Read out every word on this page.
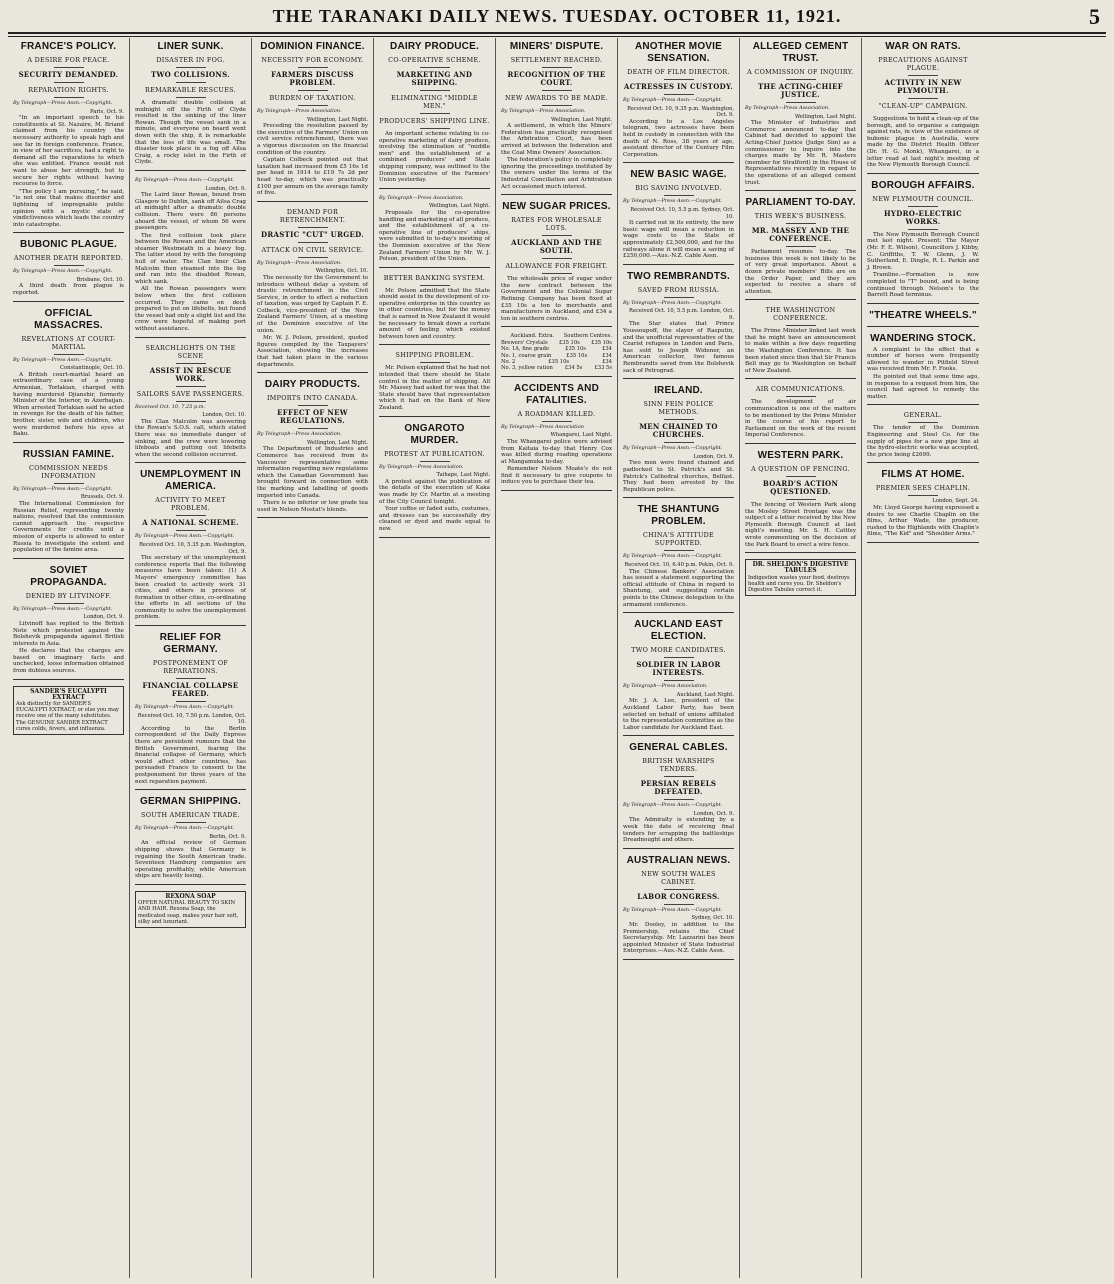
THE TARANAKI DAILY NEWS. TUESDAY. OCTOBER 11, 1921.	5
FRANCE'S POLICY.
A DESIRE FOR PEACE.
SECURITY DEMANDED.
REPARATION RIGHTS.
By Telegraph—Press Assn.—Copyright.
Paris, Oct. 9.

"In an important speech to his constituents at St. Nazaire, M. Briand claimed from his country the necessary authority to speak high and see far in foreign conference. France, in view of her sacrifices, had a right to demand all the reparations to which she was entitled. France would not want to abuse her strength, but to secure her rights without having recourse to force.

"The policy I am pursuing," he said, "is not one that makes disorder and lightning of impregnable public opinion with a mystic state of vindictiveness which leads the country into catastrophe.

BUBONIC PLAGUE.
ANOTHER DEATH REPORTED.
By Telegraph—Press Assn.—Copyright.
Brisbane, Oct. 10.

A third death from plague is reported.

OFFICIAL MASSACRES.
REVELATIONS AT COURT-MARTIAL
By Telegraph—Press Assn.—Copyright.
Constantinople, Oct. 10.

A British court-martial heard an extraordinary case of a young Armenian, Torlakian, charged with having murdered Djianshir, formerly Minister of the Interior, in Azerbaijan. When arrested Torlakian said he acted in revenge for the death of his father, brother, sister, wife and children, who were murdered before his eyes at Baku.

RUSSIAN FAMINE.
COMMISSION NEEDS INFORMATION
By Telegraph—Press Assn.—Copyright.
Brussels, Oct. 9.

The International Commission for Russian Relief, representing twenty nations, resolved that the commission cannot approach the respective Governments for credits until a mission of experts is allowed to enter Russia to investigate the extent and population of the famine area.

SOVIET PROPAGANDA.
DENIED BY LITVINOFF.
By Telegraph—Press Assn.—Copyright.
London, Oct. 9.

Litvinoff has replied to the British Note which protested against the Bolshevik propaganda against British interests in Asia.

He declares that the charges are based on imaginary facts and unchecked, loose information obtained from dubious sources.

SANDER'S EUCALYPTI EXTRACT
Ask distinctly for SANDER'S EUCALYPTI EXTRACT, or else you may receive one of the many substitutes. The GENUINE SANDER EXTRACT cures colds, fevers, and influenza.
LINER SUNK.
DISASTER IN FOG.
TWO COLLISIONS.
REMARKABLE RESCUES.

A dramatic double collision at midnight off the Firth of Clyde resulted in the sinking of the liner Rowan. Though the vessel sank in a minute, and everyone on board went down with the ship, it is remarkable that the loss of life was small. The disaster took place in a fog off Ailsa Craig, a rocky islet in the Firth of Clyde.

By Telegraph—Press Assn.—Copyright.
London, Oct. 9.

The Laird liner Rowan, bound from Glasgow to Dublin, sank off Ailsa Crag at midnight after a dramatic double collision. There were 86 persons aboard the vessel, of whom 56 were passengers.

The first collision took place between the Rowan and the American steamer Westmeath in a heavy fog. The latter stood by with the foregoing hull of water. The Clan liner Clan Malcolm then steamed into the fog and ran into the disabled Rowan, which sank.

All the Rowan passengers were below when the first collision occurred. They came on deck prepared to put on lifebelts, but found the vessel had only a slight list and the crew were hopeful of making port without assistance.

SEARCHLIGHTS ON THE SCENE
ASSIST IN RESCUE WORK.
SAILORS SAVE PASSENGERS.
Received Oct. 10, 7.25 p.m.
London, Oct. 10.

The Clan Malcolm was answering the Rowan's S.O.S. call, which stated there was no immediate danger of sinking, and the crew were lowering lifeboats and putting out lifebelts when the second collision occurred.

UNEMPLOYMENT IN AMERICA.
ACTIVITY TO MEET PROBLEM.
A NATIONAL SCHEME.
By Telegraph—Press Assn.—Copyright.
Received Oct. 10, 5.35 p.m. Washington, Oct. 9.

The secretary of the unemployment conference reports that the following measures have been taken: (1) A Mayors' emergency committee has been created to actively work 31 cities, and others in process of formation in other cities, co-ordinating the efforts in all sections of the community to solve the unemployment problem.

RELIEF FOR GERMANY.
POSTPONEMENT OF REPARATIONS.
FINANCIAL COLLAPSE FEARED.
By Telegraph—Press Assn.—Copyright.
Received Oct. 10, 7.50 p.m. London, Oct. 10.

According to the Berlin correspondent of the Daily Express there are persistent rumours that the British Government, fearing the financial collapse of Germany, which would affect other countries, has persuaded France to consent to the postponement for three years of the next reparation payment.

GERMAN SHIPPING.
SOUTH AMERICAN TRADE.
By Telegraph—Press Assn.—Copyright.
Berlin, Oct. 9.

An official review of German shipping shows that Germany is regaining the South American trade. Seventeen Hamburg companies are operating profitably, while American ships are heavily losing.

REXONA SOAP
OFFER NATURAL BEAUTY TO SKIN AND HAIR. Rexona Soap, the medicated soap, makes your hair soft, silky and luxuriant.
DOMINION FINANCE.
NECESSITY FOR ECONOMY.
FARMERS DISCUSS PROBLEM.
BURDEN OF TAXATION.
By Telegraph—Press Association.
Wellington, Last Night.

Preceding the resolution passed by the executive of the Farmers' Union on civil service retrenchment, there was a vigorous discussion on the financial condition of the country.

Captain Colbeck pointed out that taxation had increased from £5 16s 1d per head in 1914 to £19 7s 2d per head to-day, which was practically £100 per annum on the average family of five.

DEMAND FOR RETRENCHMENT.
DRASTIC "CUT" URGED.
ATTACK ON CIVIL SERVICE.
By Telegraph—Press Association.
Wellington, Oct. 10.

The necessity for the Government to introduce without delay a system of drastic retrenchment in the Civil Service, in order to effect a reduction of taxation, was urged by Captain F. E. Colbeck, vice-president of the New Zealand Farmers' Union, at a meeting of the Dominion executive of the union.

Mr. W. J. Polson, president, quoted figures compiled by the Taxpayers' Association, showing the increases that had taken place in the various departments.

DAIRY PRODUCTS.
IMPORTS INTO CANADA.
EFFECT OF NEW REGULATIONS.
By Telegraph—Press Association.
Wellington, Last Night.

The Department of Industries and Commerce has received from its Vancouver representative some information regarding new regulations which the Canadian Government has brought forward in connection with the marking and labelling of goods imported into Canada.

There is no inferior or low grade tea used in Nelson Mostat's blends.

DAIRY PRODUCE.
CO-OPERATIVE SCHEME.
MARKETING AND SHIPPING.
ELIMINATING "MIDDLE MEN."
PRODUCERS' SHIPPING LINE.

An important scheme relating to co-operative marketing of dairy produce, involving the elimination of "middle men" and the establishment of a combined producers' and State shipping company, was outlined to the Dominion executive of the Farmers' Union yesterday.

By Telegraph—Press Association.
Wellington, Last Night.

Proposals for the co-operative handling and marketing of all produce, and the establishment of a co-operative line of producers' ships, were submitted to to-day's meeting of the Dominion executive of the New Zealand Farmers' Union by Mr. W. J. Polson, president of the Union.

BETTER BANKING SYSTEM.

Mr. Polson admitted that the State should assist in the development of co-operative enterprise in this country as in other countries, but for the money that is earned in New Zealand it would be necessary to break down a certain amount of feeling which existed between town and country.

SHIPPING PROBLEM.

Mr. Polson explained that he had not intended that there should be State control in the matter of shipping. All Mr. Massey had asked for was that the State should have that representation which it had on the Bank of New Zealand.

ONGAROTO MURDER.
PROTEST AT PUBLICATION.
By Telegraph—Press Association.
Taihape, Last Night.

A protest against the publication of the details of the execution of Kaka was made by Cr. Martin at a meeting of the City Council tonight.

Your coffee or faded suits, costumes, and dresses can be successfully dry cleaned or dyed and made equal to new.

MINERS' DISPUTE.
SETTLEMENT REACHED.
RECOGNITION OF THE COURT.
NEW AWARDS TO BE MADE.
By Telegraph—Press Association.
Wellington, Last Night.

A settlement, in which the Miners' Federation has practically recognised the Arbitration Court, has been arrived at between the federation and the Coal Mine Owners' Association.

The federation's policy in completely ignoring the proceedings instituted by the owners under the terms of the Industrial Conciliation and Arbitration Act occasioned much interest.

NEW SUGAR PRICES.
RATES FOR WHOLESALE LOTS.
AUCKLAND AND THE SOUTH.
ALLOWANCE FOR FREIGHT.

The wholesale price of sugar under the new contract between the Government and the Colonial Sugar Refining Company has been fixed at £35 10s a ton to merchants and manufacturers in Auckland, and £34 a ton in southern centres.

Auckland. Extra. Southern Centres.
Brewers' Crystals £35 10s £35 10s
No. 1A, fine grade	£35 10s	£34
No. 1, coarse grain	£35 10s	£34
No. 2	£35 10s	£34
No. 3, yellow ration £34 5s £33 5s
ACCIDENTS AND FATALITIES.
A ROADMAN KILLED.
By Telegraph—Press Association
Whangarei, Last Night.

The Whangarei police were advised from Kaitaia to-day that Henry Cox was killed during roading operations at Mangamuka to-day.

Remember Nelson Moate's do not find it necessary to give coupons to induce you to purchase their tea.

ANOTHER MOVIE SENSATION.
DEATH OF FILM DIRECTOR.
ACTRESSES IN CUSTODY.
By Telegraph—Press Assn.—Copyright.
Received Oct. 10, 9.35 p.m. Washington, Oct. 9.

According to a Los Angeles telegram, two actresses have been held in custody in connection with the death of N. Ross, 38 years of age, assistant director of the Century Film Corporation.

NEW BASIC WAGE.
BIG SAVING INVOLVED.
By Telegraph—Press Assn.—Copyright.
Received Oct. 10, 5.5 p.m. Sydney, Oct. 10.

It carried out in its entirety, the new basic wage will mean a reduction in wage costs to the State of approximately £2,500,000, and for the railways alone it will mean a saving of £250,000.—Aus.-N.Z. Cable Assn.

TWO REMBRANDTS.
SAVED FROM RUSSIA.
By Telegraph—Press Assn.—Copyright.
Received Oct. 10, 5.5 p.m. London, Oct. 9.

The Star states that Prince Youssoupoff, the slayer of Rasputin, and the unofficial representative of the Czarist refugees in London and Paris, has sold to Joseph Widener, an American collector, two famous Rembrandts saved from the Bolshevik sack of Petrograd.

IRELAND.
SINN FEIN POLICE METHODS.
MEN CHAINED TO CHURCHES.
By Telegraph—Press Assn.—Copyright.
London, Oct. 9.

Two men were found chained and padlocked to St. Patrick's and St. Patrick's Cathedral churches, Belfast. They had been arrested by the Republican police.

THE SHANTUNG PROBLEM.
CHINA'S ATTITUDE SUPPORTED.
By Telegraph—Press Assn.—Copyright.
Received Oct. 10, 6.40 p.m. Pekin, Oct. 9.

The Chinese Bankers' Association has issued a statement supporting the official attitude of China in regard to Shantung, and suggesting certain points to the Chinese delegation to the armament conference.

AUCKLAND EAST ELECTION.
TWO MORE CANDIDATES.
SOLDIER IN LABOR INTERESTS.
By Telegraph—Press Association.
Auckland, Last Night.

Mr. J. A. Lee, president of the Auckland Labor Party, has been selected on behalf of unions affiliated to the representation committee as the Labor candidate for Auckland East.

GENERAL CABLES.
BRITISH WARSHIPS TENDERS.
PERSIAN REBELS DEFEATED.
By Telegraph—Press Assn.—Copyright.
London, Oct. 9.

The Admiralty is extending by a week the date of receiving final tenders for scrapping the battleships Dreadnought and others.

AUSTRALIAN NEWS.
NEW SOUTH WALES CABINET.
LABOR CONGRESS.
By Telegraph—Press Assn.—Copyright.
Sydney, Oct. 10.

Mr. Dooley, in addition to the Premiership, retains the Chief Secretaryship. Mr. Lazzarini has been appointed Minister of State Industrial Enterprises.—Aus.-N.Z. Cable Assn.

ALLEGED CEMENT TRUST.
A COMMISSION OF INQUIRY.
THE ACTING-CHIEF JUSTICE.
By Telegraph—Press Association.
Wellington, Last Night.

The Minister of Industries and Commerce announced to-day that Cabinet had decided to appoint the Acting-Chief Justice (Judge Sim) as a commissioner to inquire into the charges made by Mr. R. Masters (member for Stratford) in the House of Representatives recently in regard to the operations of an alleged cement trust.

PARLIAMENT TO-DAY.
THIS WEEK'S BUSINESS.
MR. MASSEY AND THE CONFERENCE.

Parliament resumes to-day. The business this week is not likely to be of very great importance. About a dozen private members' Bills are on the Order Paper, and they are expected to receive a share of attention.

THE WASHINGTON CONFERENCE.

The Prime Minister linked last week that he might have an announcement to make within a few days regarding the Washington Conference. It has been stated since then that Sir Francis Bell may go to Washington on behalf of New Zealand.

AIR COMMUNICATIONS.

The development of air communication is one of the matters to be mentioned by the Prime Minister in the course of his report to Parliament on the work of the recent Imperial Conference.

WESTERN PARK.
A QUESTION OF FENCING.
BOARD'S ACTION QUESTIONED.

The fencing of Western Park along the Mosley Street frontage was the subject of a letter received by the New Plymouth Borough Council at last night's meeting. Mr. S. H. Cattley wrote commenting on the decision of the Park Board to erect a wire fence.

DR. SHELDON'S DIGESTIVE TABULES
Indigestion wastes your food, destroys health and cures you. Dr. Sheldon's Digestive Tabules correct it.
WAR ON RATS.
PRECAUTIONS AGAINST PLAGUE.
ACTIVITY IN NEW PLYMOUTH.
"CLEAN-UP" CAMPAIGN.

Suggestions to hold a clean-up of the borough, and to organise a campaign against rats, in view of the existence of bubonic plague in Australia, were made by the District Health Officer (Dr. H. G. Monk), Whangarei, in a letter read at last night's meeting of the New Plymouth Borough Council.

BOROUGH AFFAIRS.
NEW PLYMOUTH COUNCIL.
HYDRO-ELECTRIC WORKS.

The New Plymouth Borough Council met last night. Present: The Mayor (Mr. F. E. Wilson), Councillors J. Kibby, C. Griffiths, T. W. Glenn, J. W. Sutherland, E. Dingle, R. L. Parkin and J. Brown.

Tramline.—Formation is now completed to "T" bound, and is being continued through Nelson's to the Barrett Road terminus.

"THEATRE WHEELS."
WANDERING STOCK.

A complaint to the effect that a number of horses were frequently allowed to wander in Pitfield Street was received from Mr. F. Fooks.

He pointed out that some time ago, in response to a request from him, the council had agreed to remedy the matter.

GENERAL.

The tender of the Dominion Engineering and Steel Co. for the supply of pipes for a new pipe line at the hydro-electric works was accepted, the price being £2699.

FILMS AT HOME.
PREMIER SEES CHAPLIN.
London, Sept. 24.

Mr. Lloyd George having expressed a desire to see Charlie Chaplin on the films, Arthur Wade, the producer, rushed to the Highlands with Chaplin's films, "The Kid" and "Shoulder Arms."
